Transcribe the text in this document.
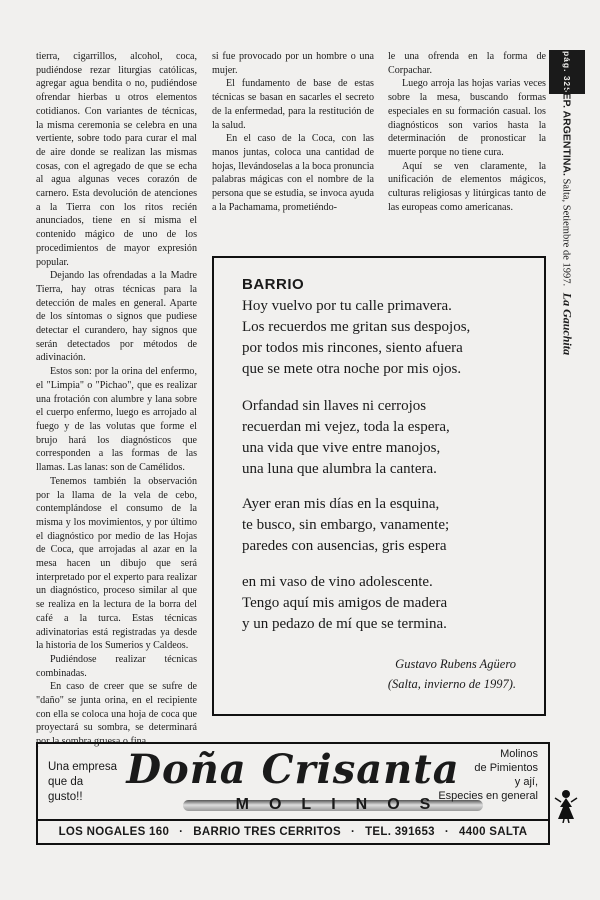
tierra, cigarrillos, alcohol, coca, pudiéndose rezar liturgias católicas, agregar agua bendita o no, pudiéndose ofrendar hierbas u otros elementos cotidianos. Con variantes de técnicas, la misma ceremonia se celebra en una vertiente, sobre todo para curar el mal de aire donde se realizan las mismas cosas, con el agregado de que se echa al agua algunas veces corazón de carnero. Esta devolución de atenciones a la Tierra con los ritos recién anunciados, tiene en sí misma el contenido mágico de uno de los procedimientos de mayor expresión popular.

Dejando las ofrendadas a la Madre Tierra, hay otras técnicas para la detección de males en general. Aparte de los síntomas o signos que pudiese detectar el curandero, hay signos que serán detectados por métodos de adivinación.

Estos son: por la orina del enfermo, el "Limpia" o "Pichao", que es realizar una frotación con alumbre y lana sobre el cuerpo enfermo, luego es arrojado al fuego y de las volutas que forme el brujo hará los diagnósticos que corresponden a las formas de las llamas. Las lanas: son de Camélidos.

Tenemos también la observación por la llama de la vela de cebo, contemplándose el consumo de la misma y los movimientos, y por último el diagnóstico por medio de las Hojas de Coca, que arrojadas al azar en la mesa hacen un dibujo que será interpretado por el experto para realizar un diagnóstico, proceso similar al que se realiza en la lectura de la borra del café a la turca. Estas técnicas adivinatorias está registradas ya desde la historia de los Sumerios y Caldeos.

Pudiéndose realizar técnicas combinadas.

En caso de creer que se sufre de "daño" se junta orina, en el recipiente con ella se coloca una hoja de coca que proyectará su sombra, se determinará por la sombra gruesa o fina

si fue provocado por un hombre o una mujer.

El fundamento de base de estas técnicas se basan en sacarles el secreto de la enfermedad, para la restitución de la salud.

En el caso de la Coca, con las manos juntas, coloca una cantidad de hojas, llevándoselas a la boca pronuncia palabras mágicas con el nombre de la persona que se estudia, se invoca ayuda a la Pachamama, prometiéndo-

le una ofrenda en la forma de Corpachar.

Luego arroja las hojas varias veces sobre la mesa, buscando formas especiales en su formación casual. los diagnósticos son varios hasta la determinación de pronosticar la muerte porque no tiene cura.

Aquí se ven claramente, la unificación de elementos mágicos, culturas religiosas y litúrgicas tanto de las europeas como americanas.

pág. 325
REP. ARGENTINA. Salta, Setiembre de 1997. La Gauchita
BARRIO
Hoy vuelvo por tu calle primavera.
Los recuerdos me gritan sus despojos,
por todos mis rincones, siento afuera
que se mete otra noche por mis ojos.
Orfandad sin llaves ni cerrojos
recuerdan mi vejez, toda la espera,
una vida que vive entre manojos,
una luna que alumbra la cantera.
Ayer eran mis días en la esquina,
te busco, sin embargo, vanamente;
paredes con ausencias, gris espera
en mi vaso de vino adolescente.
Tengo aquí mis amigos de madera
y un pedazo de mí que se termina.
Gustavo Rubens Agüero
(Salta, invierno de 1997).
Una empresa
que da
gusto!!
Doña Crisanta
MOLINOS
Molinos
de Pimientos
y ají,
Especies en general
LOS NOGALES 160 · BARRIO TRES CERRITOS · TEL. 391653 · 4400 SALTA
